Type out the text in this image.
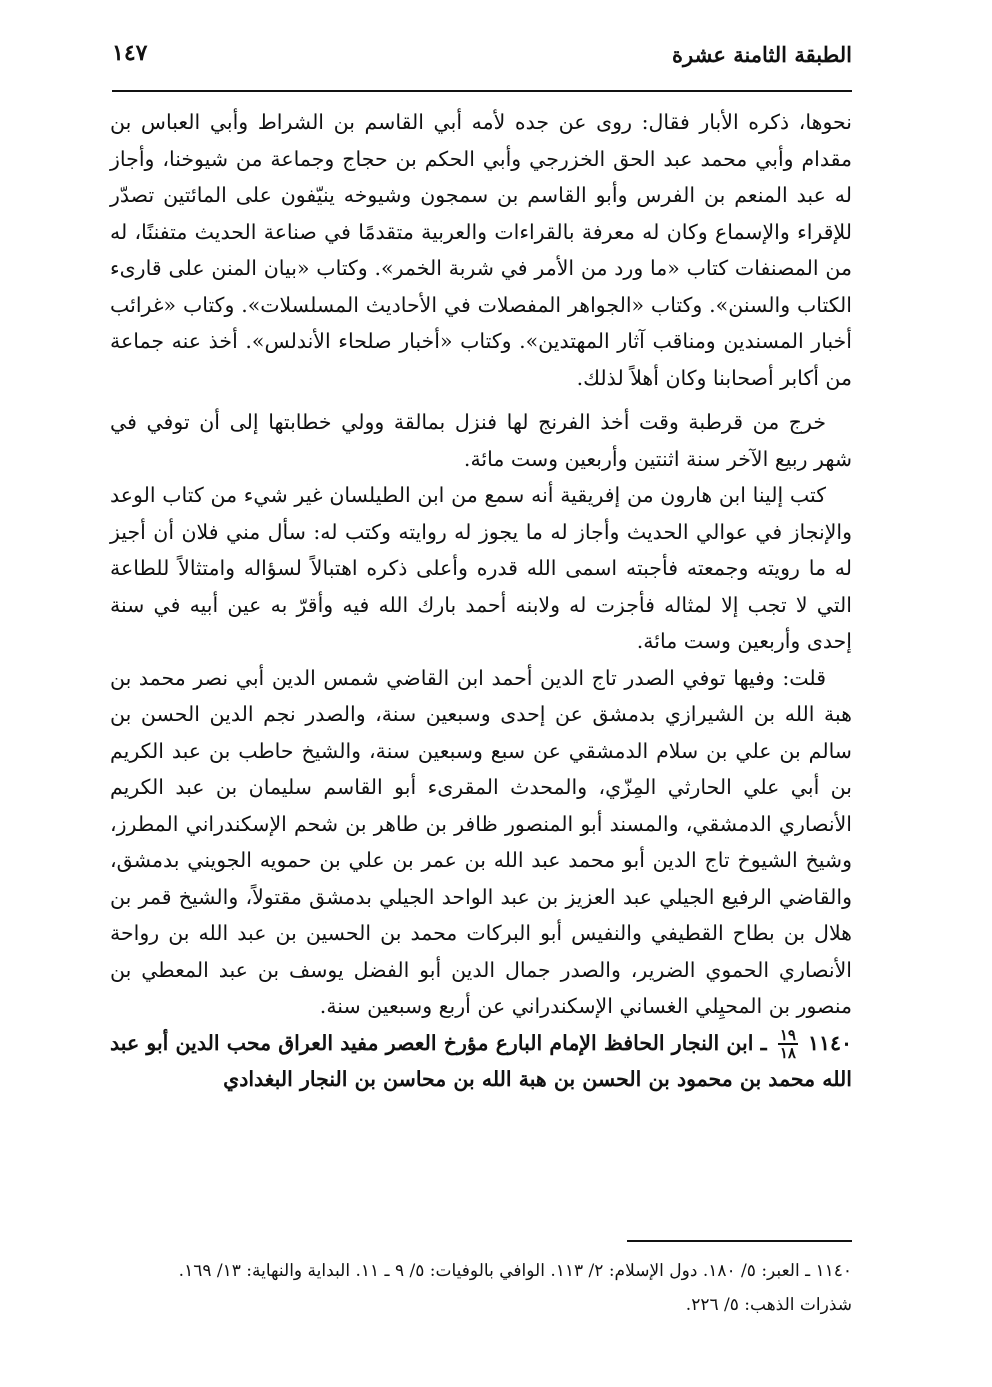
الطبقة الثامنة عشرة
١٤٧

نحوها، ذكره الأبار فقال: روى عن جده لأمه أبي القاسم بن الشراط وأبي العباس بن مقدام وأبي محمد عبد الحق الخزرجي وأبي الحكم بن حجاج وجماعة من شيوخنا، وأجاز له عبد المنعم بن الفرس وأبو القاسم بن سمجون وشيوخه ينيّفون على المائتين تصدّر للإقراء والإسماع وكان له معرفة بالقراءات والعربية متقدمًا في صناعة الحديث متفننًا، له من المصنفات كتاب «ما ورد من الأمر في شربة الخمر». وكتاب «بيان المنن على قارىء الكتاب والسنن». وكتاب «الجواهر المفصلات في الأحاديث المسلسلات». وكتاب «غرائب أخبار المسندين ومناقب آثار المهتدين». وكتاب «أخبار صلحاء الأندلس». أخذ عنه جماعة من أكابر أصحابنا وكان أهلاً لذلك.

خرج من قرطبة وقت أخذ الفرنج لها فنزل بمالقة وولي خطابتها إلى أن توفي في شهر ربيع الآخر سنة اثنتين وأربعين وست مائة.

كتب إلينا ابن هارون من إفريقية أنه سمع من ابن الطيلسان غير شيء من كتاب الوعد والإنجاز في عوالي الحديث وأجاز له ما يجوز له روايته وكتب له: سأل مني فلان أن أجيز له ما رويته وجمعته فأجبته اسمى الله قدره وأعلى ذكره اهتبالاً لسؤاله وامتثالاً للطاعة التي لا تجب إلا لمثاله فأجزت له ولابنه أحمد بارك الله فيه وأقرّ به عين أبيه في سنة إحدى وأربعين وست مائة.

قلت: وفيها توفي الصدر تاج الدين أحمد ابن القاضي شمس الدين أبي نصر محمد بن هبة الله بن الشيرازي بدمشق عن إحدى وسبعين سنة، والصدر نجم الدين الحسن بن سالم بن علي بن سلام الدمشقي عن سبع وسبعين سنة، والشيخ حاطب بن عبد الكريم بن أبي علي الحارثي المِزّي، والمحدث المقرىء أبو القاسم سليمان بن عبد الكريم الأنصاري الدمشقي، والمسند أبو المنصور ظافر بن طاهر بن شحم الإسكندراني المطرز، وشيخ الشيوخ تاج الدين أبو محمد عبد الله بن عمر بن علي بن حمويه الجويني بدمشق، والقاضي الرفيع الجيلي عبد العزيز بن عبد الواحد الجيلي بدمشق مقتولاً، والشيخ قمر بن هلال بن بطاح القطيفي والنفيس أبو البركات محمد بن الحسين بن عبد الله بن رواحة الأنصاري الحموي الضرير، والصدر جمال الدين أبو الفضل يوسف بن عبد المعطي بن منصور بن المحيِلي الغساني الإسكندراني عن أربع وسبعين سنة.

١١٤٠
$\frac{١٩}{١٨}$
ـ ابن النجار الحافظ الإمام البارع مؤرخ العصر مفيد العراق محب الدين أبو عبد الله محمد بن محمود بن الحسن بن هبة الله بن محاسن بن النجار البغدادي

١١٤٠ ـ العبر: ٥/ ١٨٠. دول الإسلام: ٢/ ١١٣. الوافي بالوفيات: ٥/ ٩ ـ ١١. البداية والنهاية: ١٣/ ١٦٩.

شذرات الذهب: ٥/ ٢٢٦.
